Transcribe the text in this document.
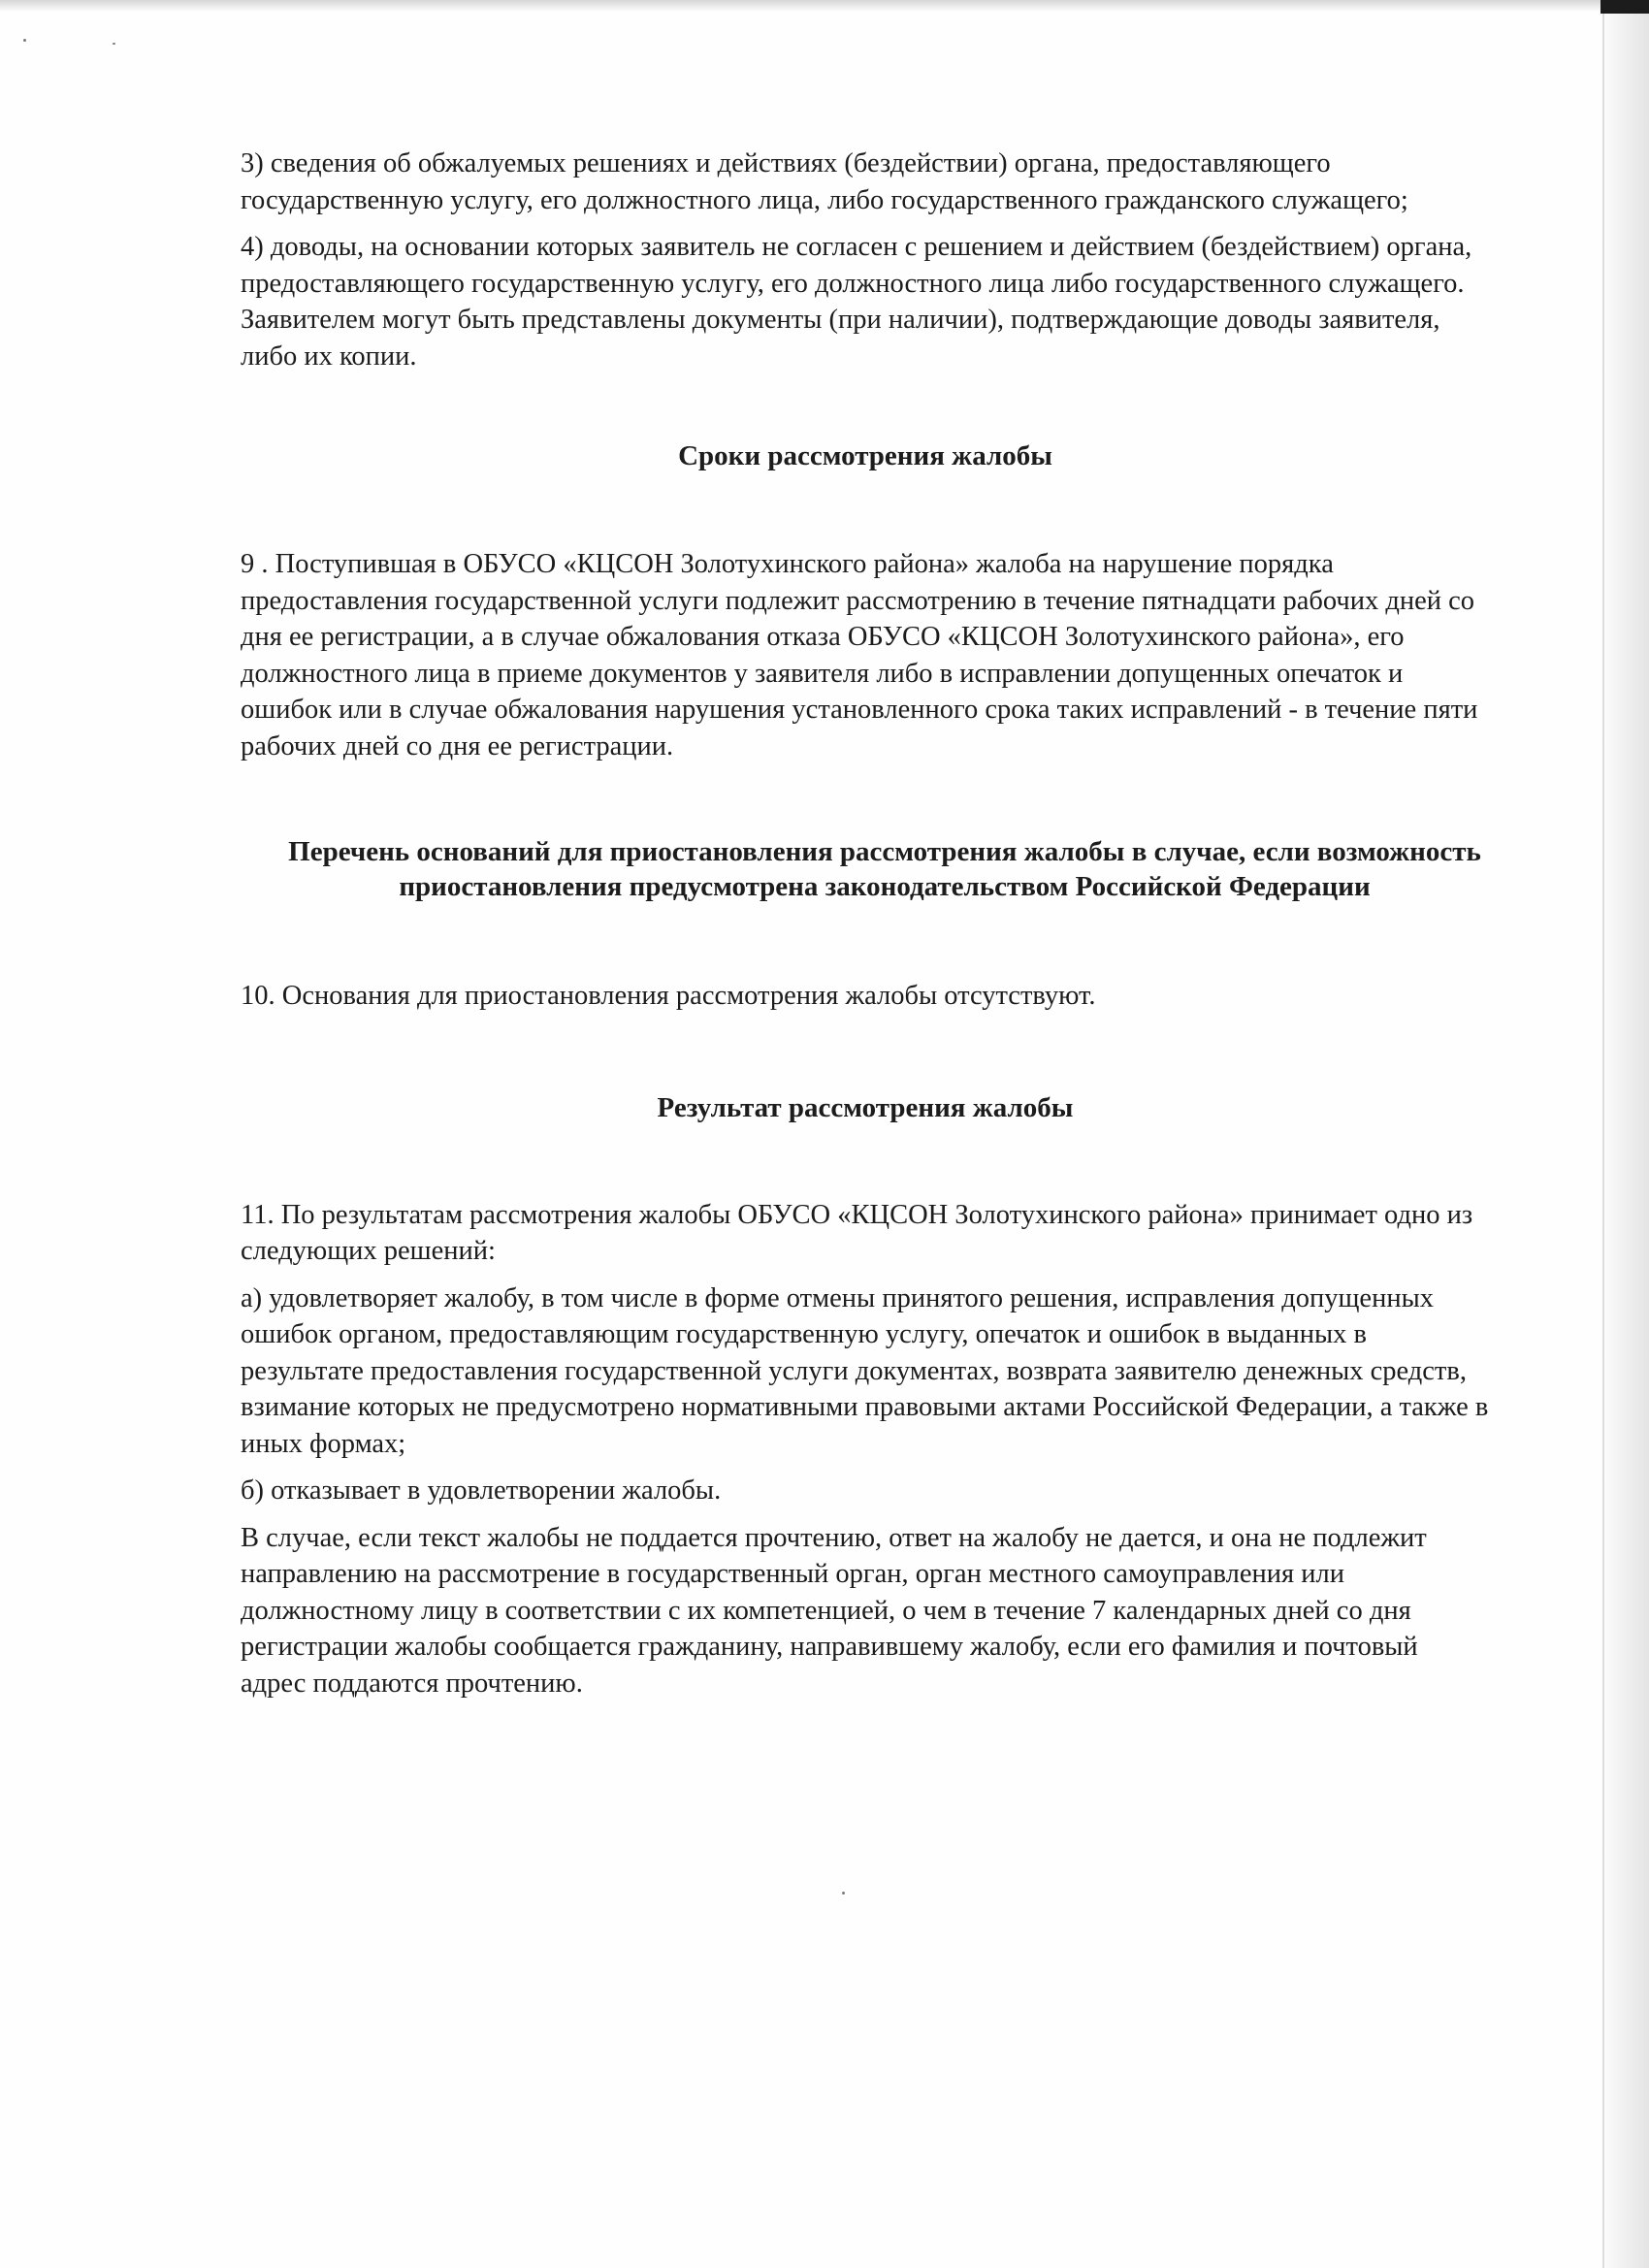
3) сведения об обжалуемых решениях и действиях (бездействии) органа, предоставляющего государственную услугу, его должностного лица, либо государственного гражданского служащего;

4) доводы, на основании которых заявитель не согласен с решением и действием (бездействием) органа, предоставляющего государственную услугу, его должностного лица либо государственного служащего. Заявителем могут быть представлены документы (при наличии), подтверждающие доводы заявителя, либо их копии.

Сроки рассмотрения жалобы

9 . Поступившая в ОБУСО «КЦСОН Золотухинского района» жалоба на нарушение порядка предоставления государственной услуги подлежит рассмотрению в течение пятнадцати рабочих дней со дня ее регистрации, а в случае обжалования отказа ОБУСО «КЦСОН Золотухинского района», его должностного лица в приеме документов у заявителя либо в исправлении допущенных опечаток и ошибок или в случае обжалования нарушения установленного срока таких исправлений - в течение пяти рабочих дней со дня ее регистрации.

Перечень оснований для приостановления рассмотрения жалобы в случае, если возможность приостановления предусмотрена законодательством Российской Федерации

10. Основания для приостановления рассмотрения жалобы отсутствуют.

Результат рассмотрения жалобы

11. По результатам рассмотрения жалобы ОБУСО «КЦСОН Золотухинского района» принимает одно из следующих решений:

а) удовлетворяет жалобу, в том числе в форме отмены принятого решения, исправления допущенных ошибок органом, предоставляющим государственную услугу, опечаток и ошибок в выданных в результате предоставления государственной услуги документах, возврата заявителю денежных средств, взимание которых не предусмотрено нормативными правовыми актами Российской Федерации, а также в иных формах;

б) отказывает в удовлетворении жалобы.

В случае, если текст жалобы не поддается прочтению, ответ на жалобу не дается, и она не подлежит направлению на рассмотрение в государственный орган, орган местного самоуправления или должностному лицу в соответствии с их компетенцией, о чем в течение 7 календарных дней со дня регистрации жалобы сообщается гражданину, направившему жалобу, если его фамилия и почтовый адрес поддаются прочтению.
